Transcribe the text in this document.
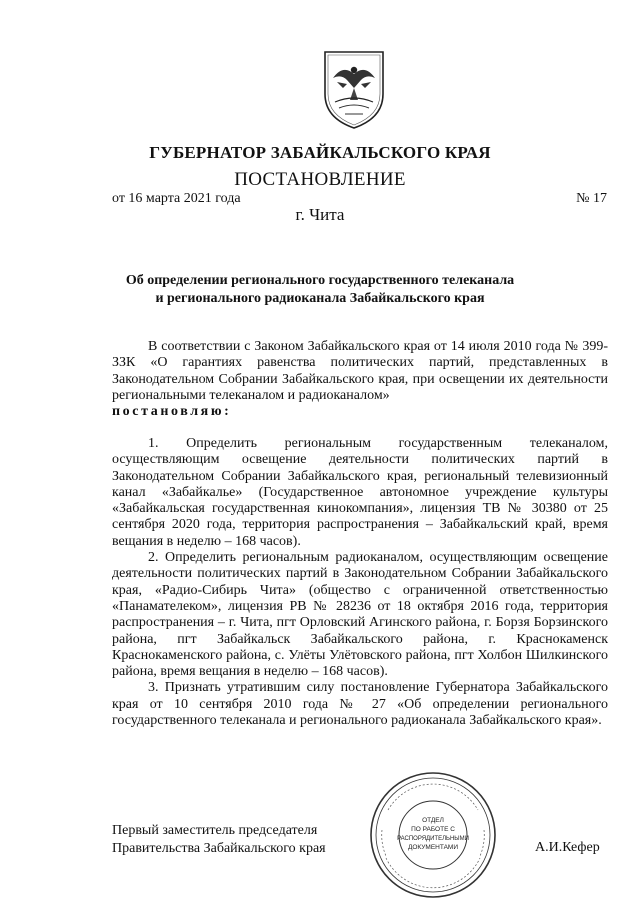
ГУБЕРНАТОР ЗАБАЙКАЛЬСКОГО КРАЯ
ПОСТАНОВЛЕНИЕ
от 16 марта 2021 года	№ 17
г. Чита
Об определении регионального государственного телеканала
и регионального радиоканала Забайкальского края

В соответствии с Законом Забайкальского края от 14 июля 2010 года № 399-ЗЗК «О гарантиях равенства политических партий, представленных в Законодательном Собрании Забайкальского края, при освещении их деятельности региональными телеканалом и радиоканалом»

постановляю:

1. Определить региональным государственным телеканалом, осуществляющим освещение деятельности политических партий в Законодательном Собрании Забайкальского края, региональный телевизионный канал «Забайкалье» (Государственное автономное учреждение культуры «Забайкальская государственная кинокомпания», лицензия ТВ № 30380 от 25 сентября 2020 года, территория распространения – Забайкальский край, время вещания в неделю – 168 часов).

2. Определить региональным радиоканалом, осуществляющим освещение деятельности политических партий в Законодательном Собрании Забайкальского края, «Радио-Сибирь Чита» (общество с ограниченной ответственностью «Панамателеком», лицензия РВ № 28236 от 18 октября 2016 года, территория распространения – г. Чита, пгт Орловский Агинского района, г. Борзя Борзинского района, пгт Забайкальск Забайкальского района, г. Краснокаменск Краснокаменского района, с. Улёты Улётовского района, пгт Холбон Шилкинского района, время вещания в неделю – 168 часов).

3. Признать утратившим силу постановление Губернатора Забайкальского края от 10 сентября 2010 года № 27 «Об определении регионального государственного телеканала и регионального радиоканала Забайкальского края».

Первый заместитель председателя
Правительства Забайкальского края	А.И.Кефер
ОТДЕЛ
ПО РАБОТЕ С
РАСПОРЯДИТЕЛЬНЫМИ
ДОКУМЕНТАМИ
